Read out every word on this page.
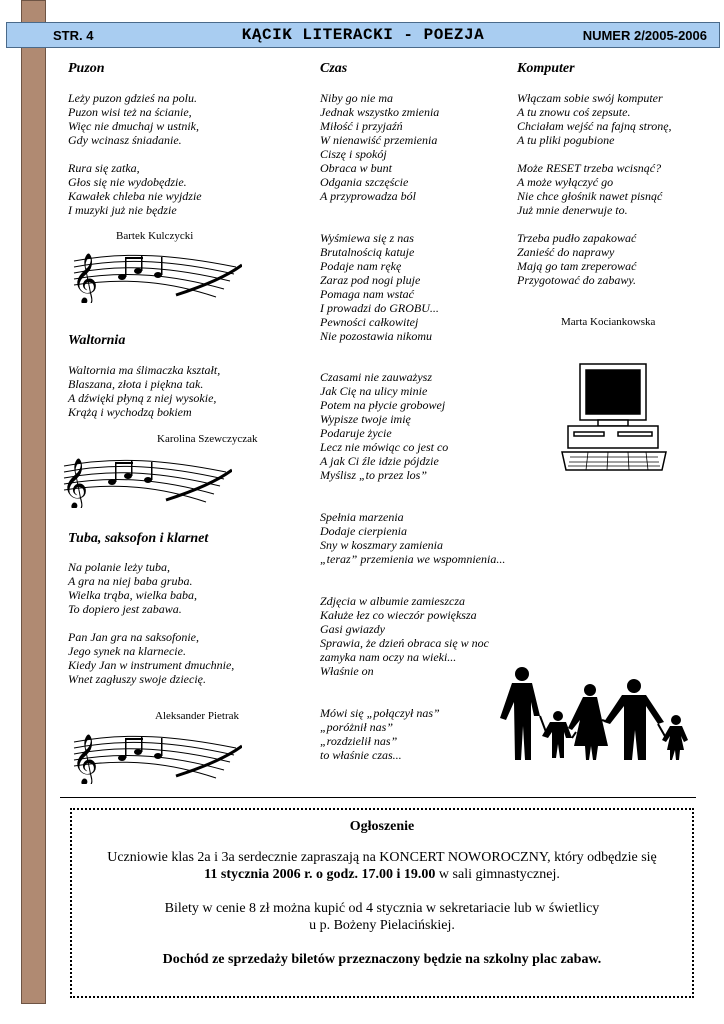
STR. 4	KĄCIK LITERACKI - POEZJA	NUMER 2/2005-2006
Puzon
Leży puzon gdzieś na polu.
Puzon wisi też na ścianie,
Więc nie dmuchaj w ustnik,
Gdy wcinasz śniadanie.

Rura się zatka,
Głos się nie wydobędzie.
Kawałek chleba nie wyjdzie
I muzyki już nie będzie
Bartek Kulczycki
𝄞
Waltornia
Waltornia ma ślimaczka kształt,
Blaszana, złota i piękna tak.
A dźwięki płyną z niej wysokie,
Krążą i wychodzą bokiem
Karolina Szewczyczak
𝄞
Tuba, saksofon i klarnet
Na polanie leży tuba,
A gra na niej baba gruba.
Wielka trąba, wielka baba,
To dopiero jest zabawa.

Pan Jan gra na saksofonie,
Jego synek na klarnecie.
Kiedy Jan w instrument dmuchnie,
Wnet zagłuszy swoje dziecię.
Aleksander Pietrak
𝄞
Czas
Niby go nie ma
Jednak wszystko zmienia
Miłość i przyjaźń
W nienawiść przemienia
Ciszę i spokój
Obraca w bunt
Odgania szczęście
A przyprowadza ból
Wyśmiewa się z nas
Brutalnością katuje
Podaje nam rękę
Zaraz pod nogi pluje
Pomaga nam wstać
I prowadzi do GROBU...
Pewności całkowitej
Nie pozostawia nikomu
Czasami nie zauważysz
Jak Cię na ulicy minie
Potem na płycie grobowej
Wypisze twoje imię
Podaruje życie
Lecz nie mówiąc co jest co
A jak Ci źle idzie pójdzie
Myślisz „to przez los”
Spełnia marzenia
Dodaje cierpienia
Sny w koszmary zamienia
„teraz” przemienia we wspomnienia...
Zdjęcia w albumie zamieszcza
Kałuże łez co wieczór powiększa
Gasi gwiazdy
Sprawia, że dzień obraca się w noc
zamyka nam oczy na wieki...
Właśnie on
Mówi się „połączył nas”
„poróżnił nas”
„rozdzielił nas”
to właśnie czas...
Komputer
Włączam sobie swój komputer
A tu znowu coś zepsute.
Chciałam wejść na fajną stronę,
A tu pliki pogubione

Może RESET trzeba wcisnąć?
A może wyłączyć go
Nie chce głośnik nawet pisnąć
Już mnie denerwuje to.

Trzeba pudło zapakować
Zanieść do naprawy
Mają go tam zreperować
Przygotować do zabawy.
Marta Kociankowska

Ogłoszenie

Uczniowie klas 2a i 3a serdecznie zapraszają na KONCERT NOWOROCZNY, który odbędzie się

11 stycznia 2006 r. o godz. 17.00 i 19.00 w sali gimnastycznej.

Bilety w cenie 8 zł można kupić od 4 stycznia w sekretariacie lub w świetlicy

u p. Bożeny Pielacińskiej.

Dochód ze sprzedaży biletów przeznaczony będzie na szkolny plac zabaw.
